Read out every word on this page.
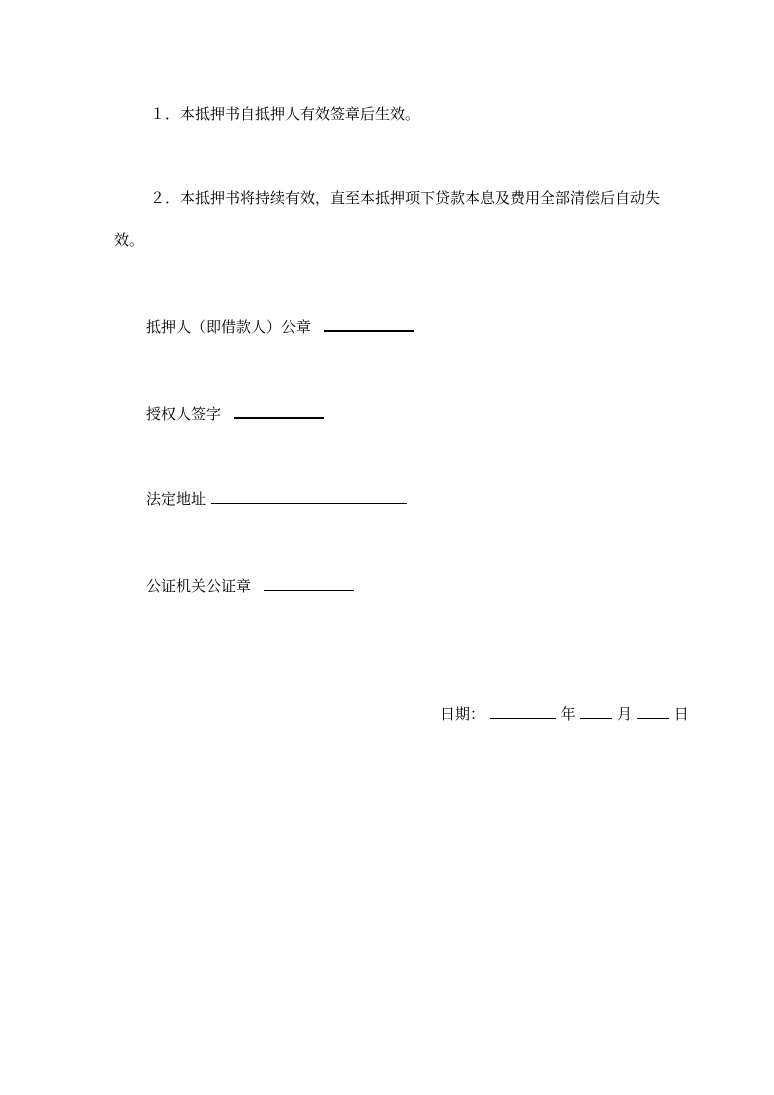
１．本抵押书自抵押人有效签章后生效。
２．本抵押书将持续有效，直至本抵押项下贷款本息及费用全部清偿后自动失
效。
抵押人（即借款人）公章
授权人签字
法定地址
公证机关公证章
日期：	年	月	日
